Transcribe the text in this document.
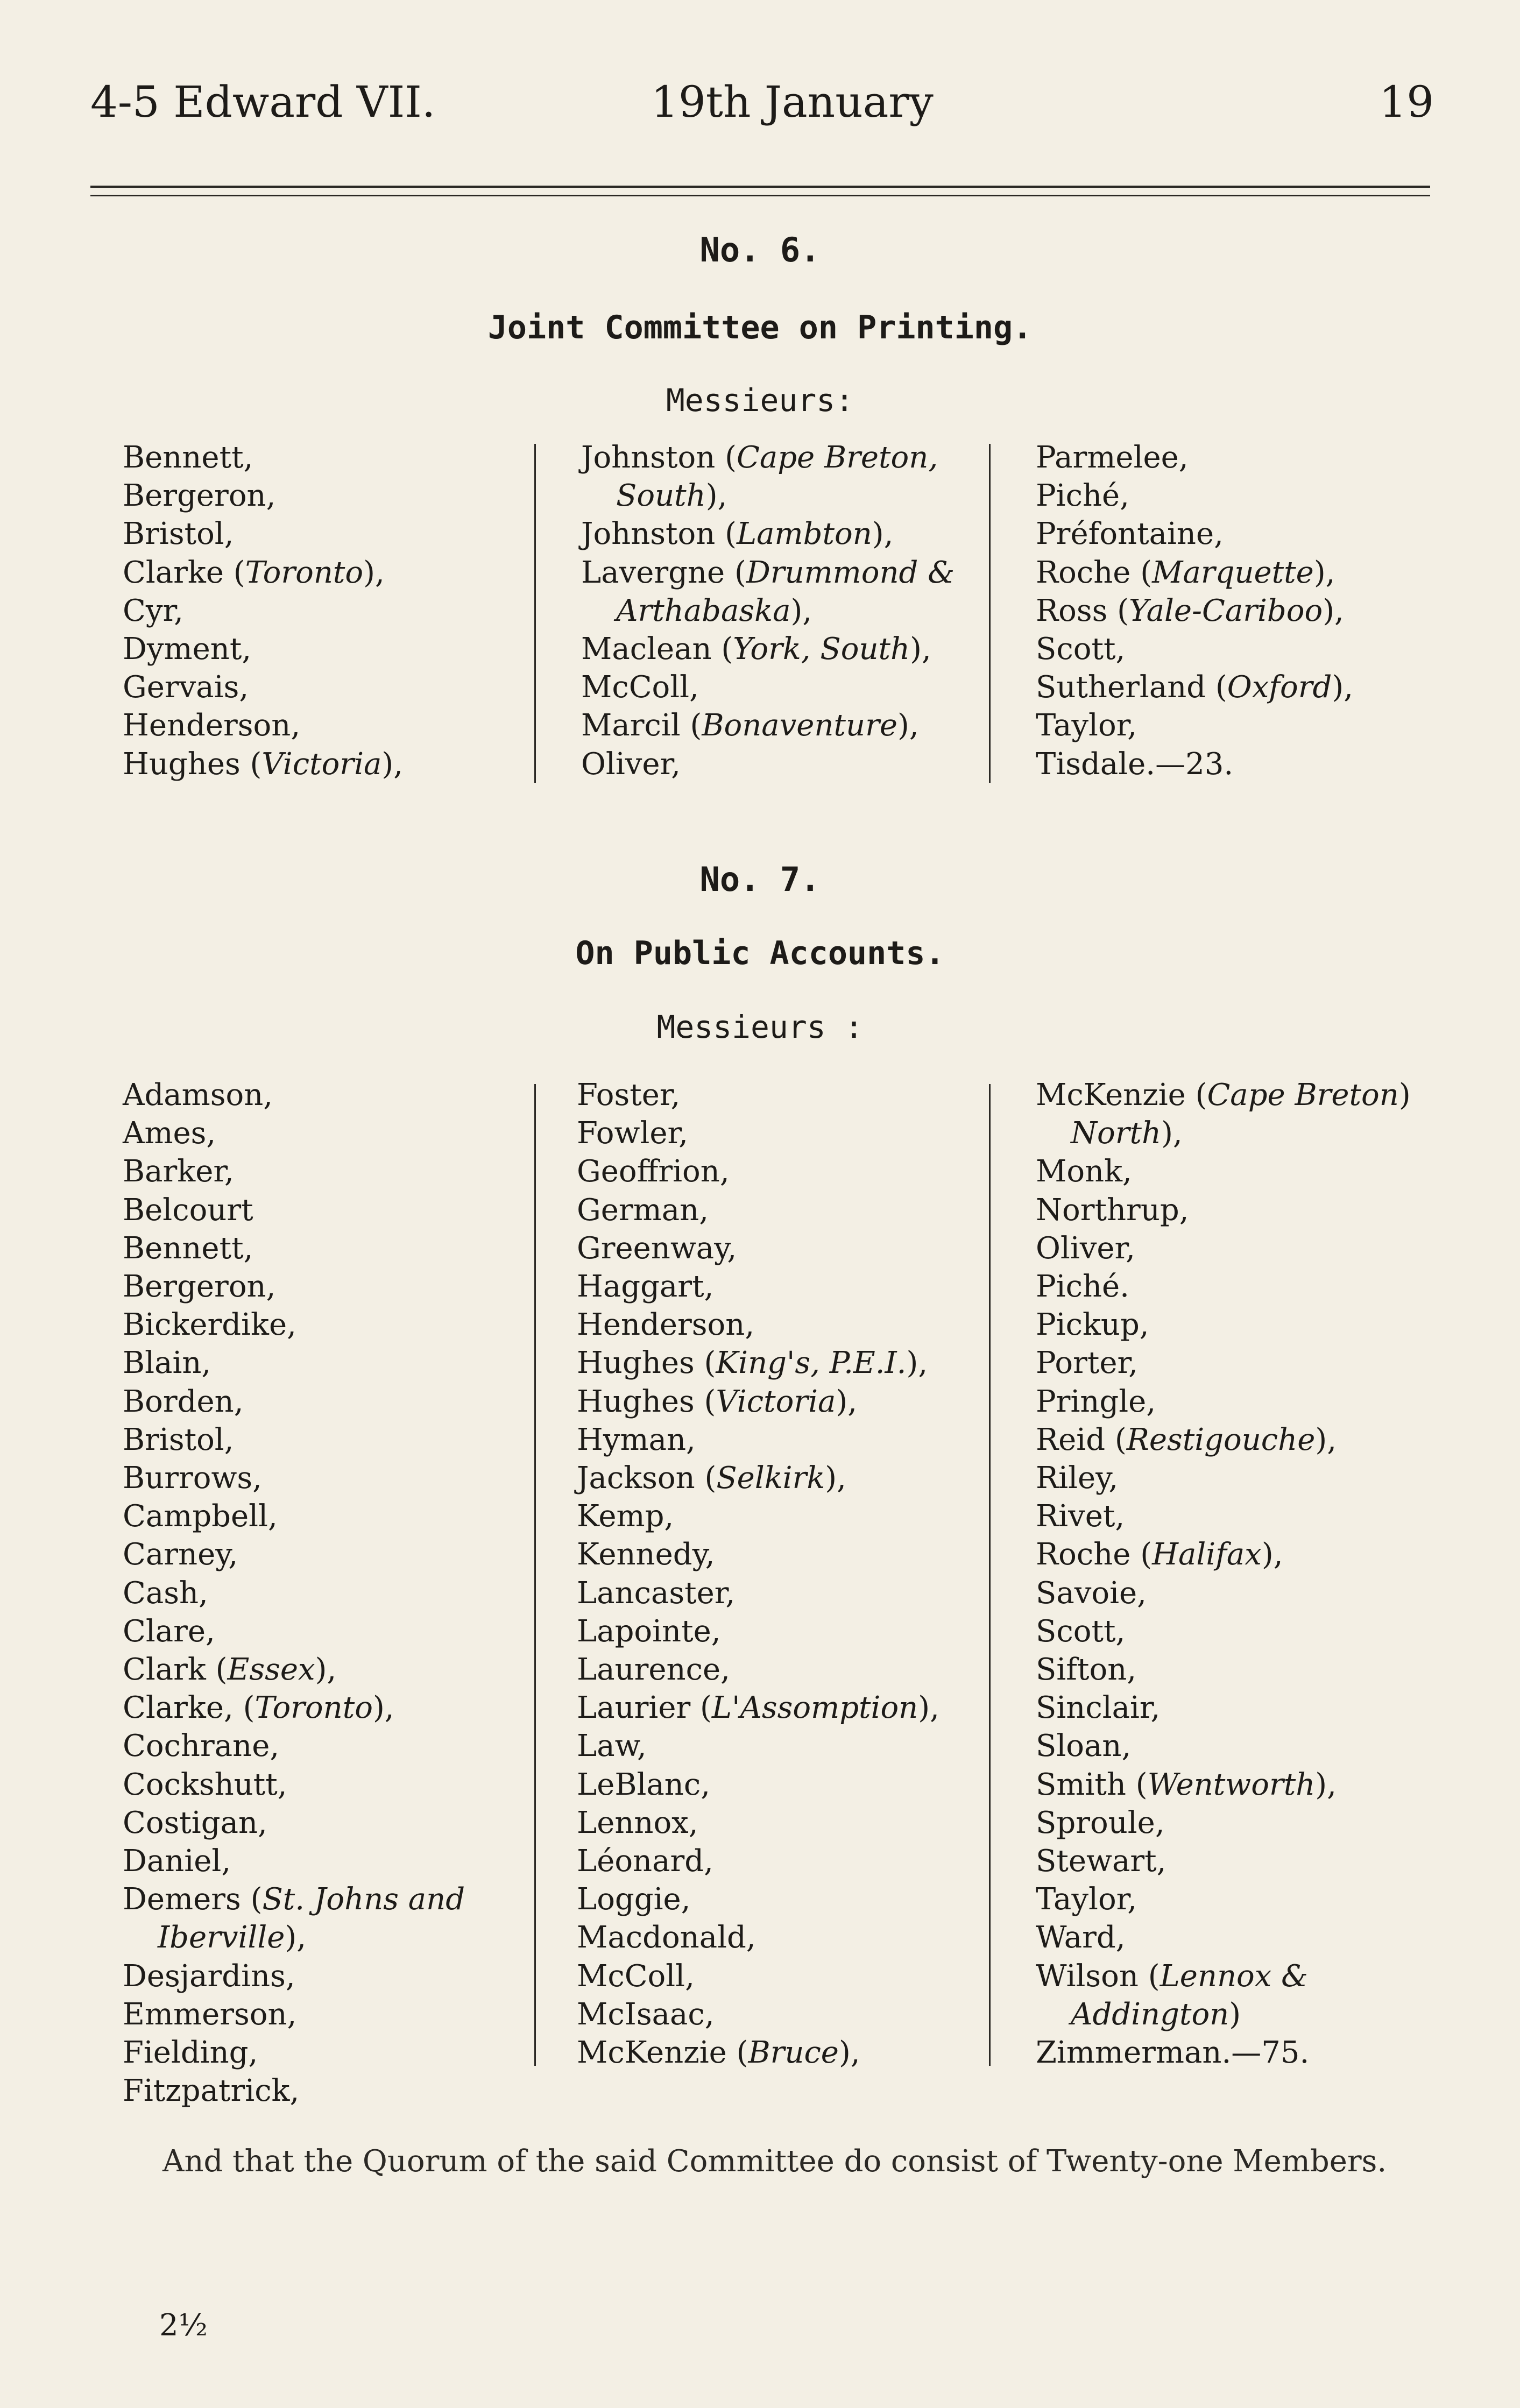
4-5 Edward VII.	19th January	19
No. 6.
Joint Committee on Printing.
Messieurs:
Bennett,
Bergeron,
Bristol,
Clarke (Toronto),
Cyr,
Dyment,
Gervais,
Henderson,
Hughes (Victoria),
Johnston (Cape Breton,
South),
Johnston (Lambton),
Lavergne (Drummond &
Arthabaska),
Maclean (York, South),
McColl,
Marcil (Bonaventure),
Oliver,
Parmelee,
Piché,
Préfontaine,
Roche (Marquette),
Ross (Yale-Cariboo),
Scott,
Sutherland (Oxford),
Taylor,
Tisdale.—23.
No. 7.
On Public Accounts.
Messieurs :
Adamson,
Ames,
Barker,
Belcourt
Bennett,
Bergeron,
Bickerdike,
Blain,
Borden,
Bristol,
Burrows,
Campbell,
Carney,
Cash,
Clare,
Clark (Essex),
Clarke, (Toronto),
Cochrane,
Cockshutt,
Costigan,
Daniel,
Demers (St. Johns and
Iberville),
Desjardins,
Emmerson,
Fielding,
Fitzpatrick,
Foster,
Fowler,
Geoffrion,
German,
Greenway,
Haggart,
Henderson,
Hughes (King's, P.E.I.),
Hughes (Victoria),
Hyman,
Jackson (Selkirk),
Kemp,
Kennedy,
Lancaster,
Lapointe,
Laurence,
Laurier (L'Assomption),
Law,
LeBlanc,
Lennox,
Léonard,
Loggie,
Macdonald,
McColl,
McIsaac,
McKenzie (Bruce),
McKenzie (Cape Breton)
North),
Monk,
Northrup,
Oliver,
Piché.
Pickup,
Porter,
Pringle,
Reid (Restigouche),
Riley,
Rivet,
Roche (Halifax),
Savoie,
Scott,
Sifton,
Sinclair,
Sloan,
Smith (Wentworth),
Sproule,
Stewart,
Taylor,
Ward,
Wilson (Lennox &
Addington)
Zimmerman.—75.
And that the Quorum of the said Committee do consist of Twenty-one Members.
2½
